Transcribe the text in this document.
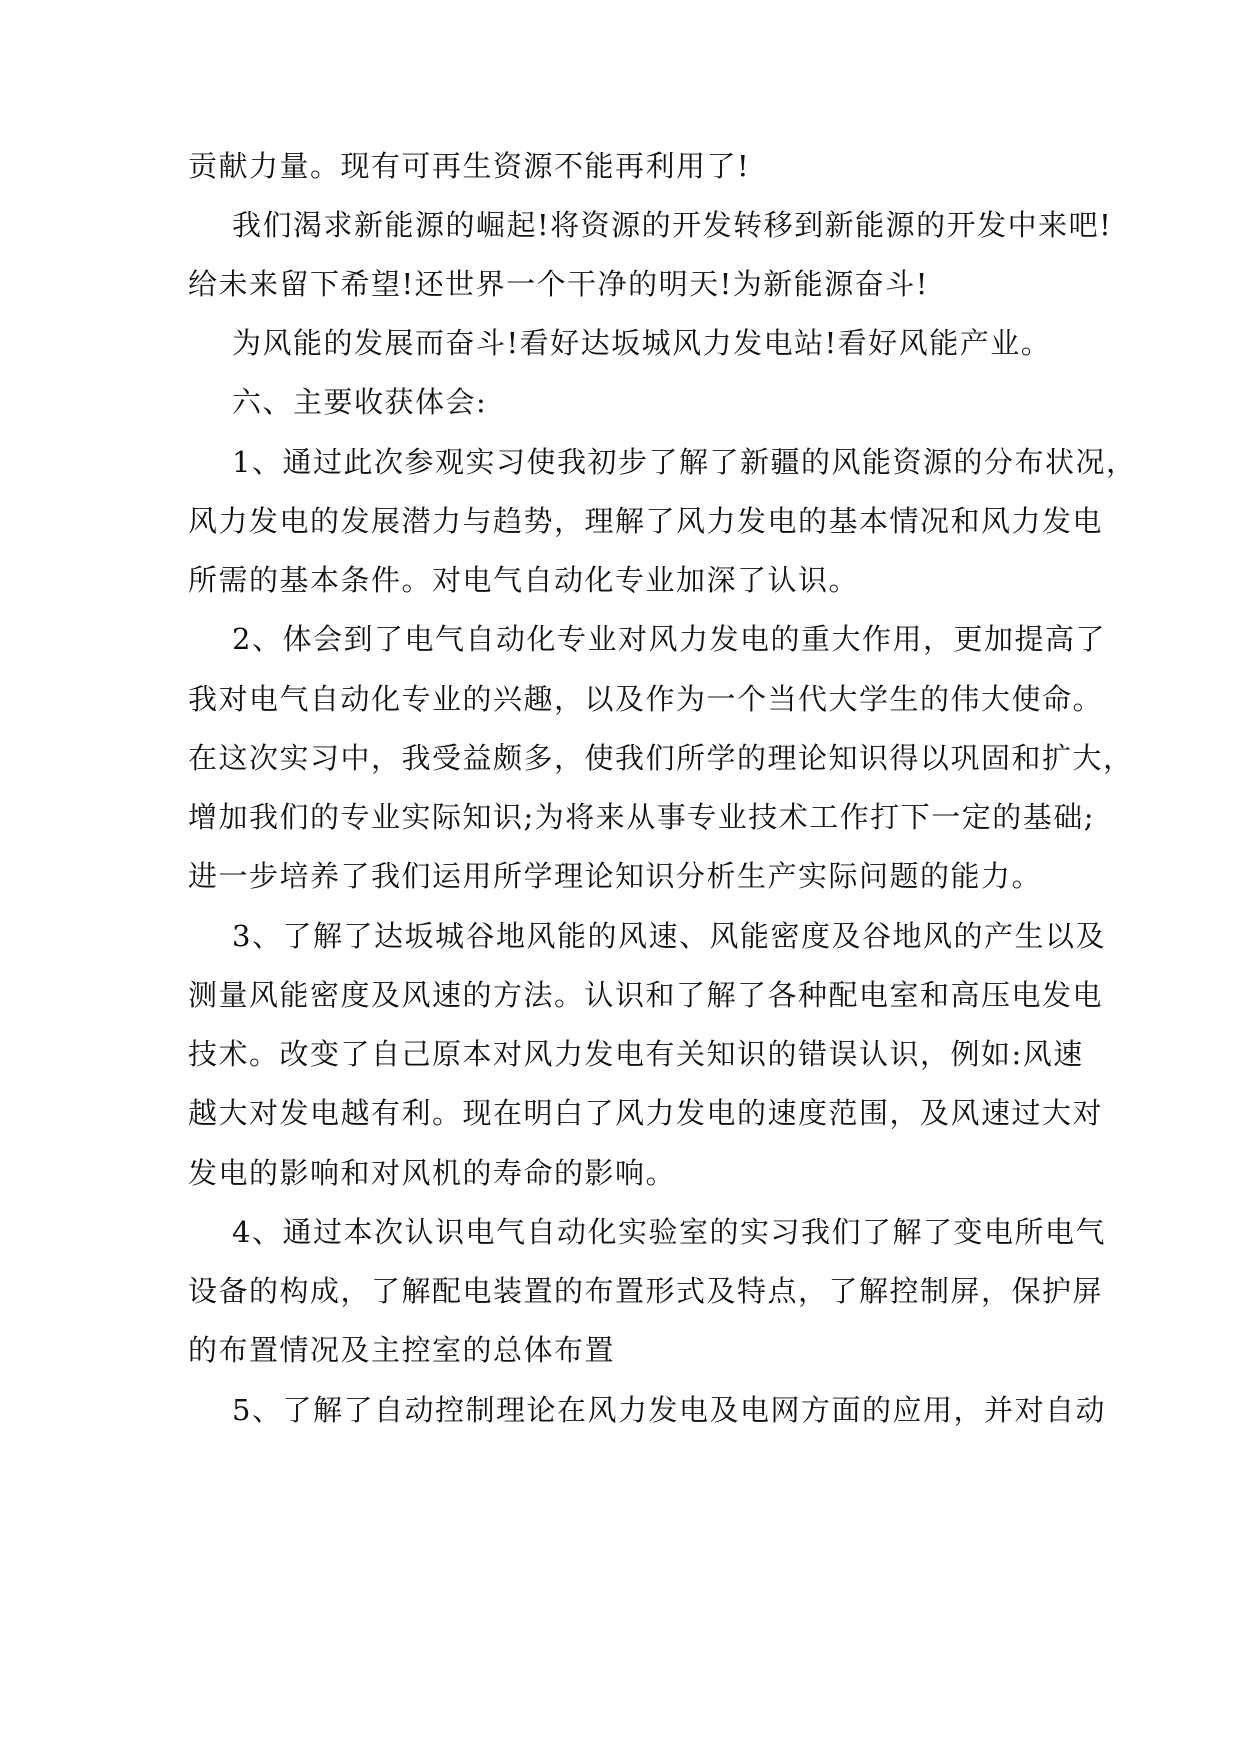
贡献力量。现有可再生资源不能再利用了!
我们渴求新能源的崛起!将资源的开发转移到新能源的开发中来吧!
给未来留下希望!还世界一个干净的明天!为新能源奋斗!
为风能的发展而奋斗!看好达坂城风力发电站!看好风能产业。
六、主要收获体会:
1、通过此次参观实习使我初步了解了新疆的风能资源的分布状况，
风力发电的发展潜力与趋势，理解了风力发电的基本情况和风力发电
所需的基本条件。对电气自动化专业加深了认识。
2、体会到了电气自动化专业对风力发电的重大作用，更加提高了
我对电气自动化专业的兴趣，以及作为一个当代大学生的伟大使命。
在这次实习中，我受益颇多，使我们所学的理论知识得以巩固和扩大，
增加我们的专业实际知识;为将来从事专业技术工作打下一定的基础;
进一步培养了我们运用所学理论知识分析生产实际问题的能力。
3、了解了达坂城谷地风能的风速、风能密度及谷地风的产生以及
测量风能密度及风速的方法。认识和了解了各种配电室和高压电发电
技术。改变了自己原本对风力发电有关知识的错误认识，例如:风速
越大对发电越有利。现在明白了风力发电的速度范围，及风速过大对
发电的影响和对风机的寿命的影响。
4、通过本次认识电气自动化实验室的实习我们了解了变电所电气
设备的构成，了解配电装置的布置形式及特点，了解控制屏，保护屏
的布置情况及主控室的总体布置
5、了解了自动控制理论在风力发电及电网方面的应用，并对自动
